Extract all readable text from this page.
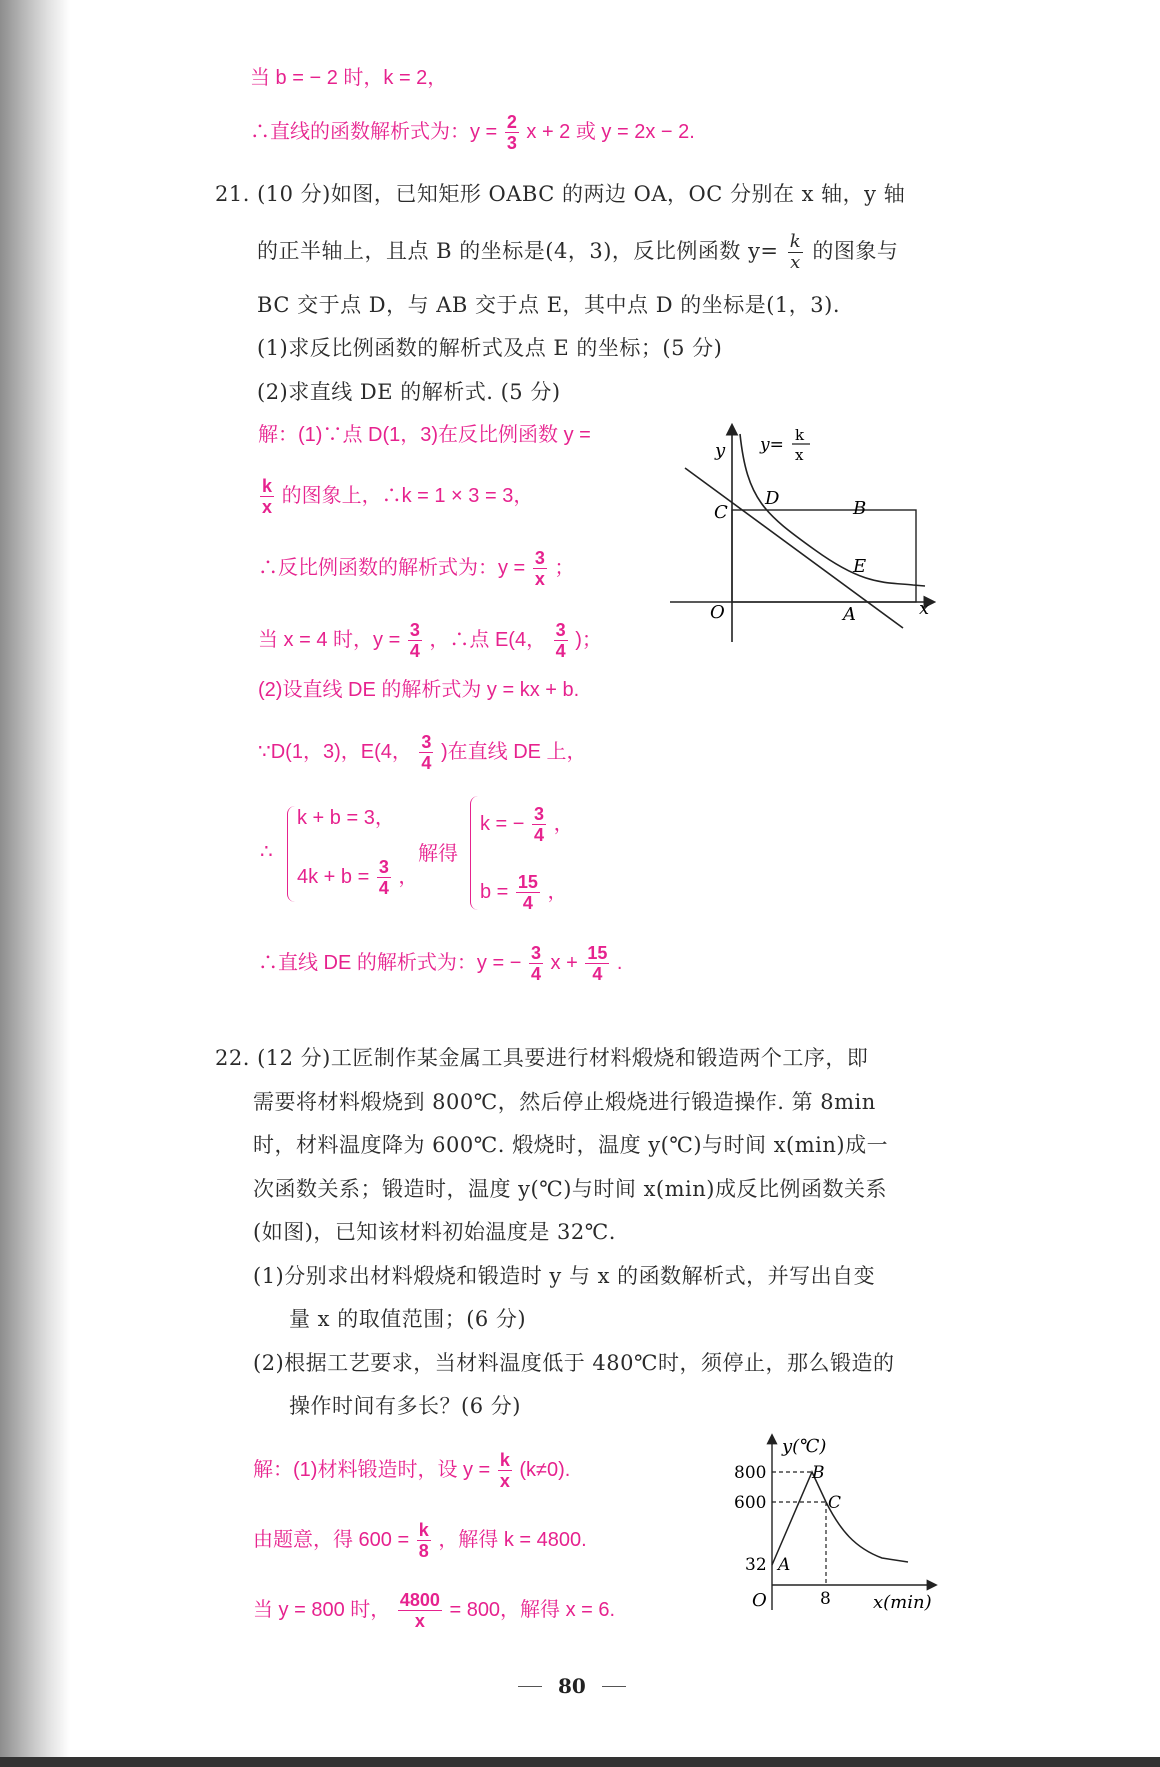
当 b = − 2 时，k = 2，
∴直线的函数解析式为：$y = \frac{2}{3}$ x + 2 或 y = 2x − 2.
21. (10 分)如图，已知矩形 OABC 的两边 OA，OC 分别在 x 轴，y 轴
的正半轴上，且点 B 的坐标是(4，3)，反比例函数 $y= \frac{k}{x}$ 的图象与
BC 交于点 D，与 AB 交于点 E，其中点 D 的坐标是(1，3).
(1)求反比例函数的解析式及点 E 的坐标；(5 分)
(2)求直线 DE 的解析式. (5 分)
解：(1)∵点 D(1，3)在反比例函数 y =
$\frac{k}{x}$ 的图象上，∴k = 1 × 3 = 3，
∴反比例函数的解析式为：$y = \frac{3}{x}$ ；
当 x = 4 时，$y = \frac{3}{4}$ ，∴点 E(4， $\frac{3}{4}$ )；
(2)设直线 DE 的解析式为 y = kx + b.
∵D(1，3)，E(4， $\frac{3}{4}$ )在直线 DE 上，
∴
k + b = 3，
$4k + b = \frac{3}{4}$ ，
解得
k = − $\frac{3}{4}$ ，
$b = \frac{15}{4}$ ，
∴直线 DE 的解析式为：y = − $\frac{3}{4}$ $x + \frac{15}{4}$ .
y
x
O	A
B
C
D
E
y= k
x
22. (12 分)工匠制作某金属工具要进行材料煅烧和锻造两个工序，即
需要将材料煅烧到 800℃，然后停止煅烧进行锻造操作. 第 8min
时，材料温度降为 600℃. 煅烧时，温度 y(℃)与时间 x(min)成一
次函数关系；锻造时，温度 y(℃)与时间 x(min)成反比例函数关系
(如图)，已知该材料初始温度是 32℃.
(1)分别求出材料煅烧和锻造时 y 与 x 的函数解析式，并写出自变
量 x 的取值范围；(6 分)
(2)根据工艺要求，当材料温度低于 480℃时，须停止，那么锻造的
操作时间有多长？(6 分)
解：(1)材料锻造时，设 $y = \frac{k}{x} (k\ne 0)$.
由题意，得 $600 = \frac{k}{8}$ ，解得 k = 4800.
当 y = 800 时， $\frac{4800}{x} = 800$，解得 x = 6.
y(℃)
x(min)
O
800
600
32
8
A
B
C
80
